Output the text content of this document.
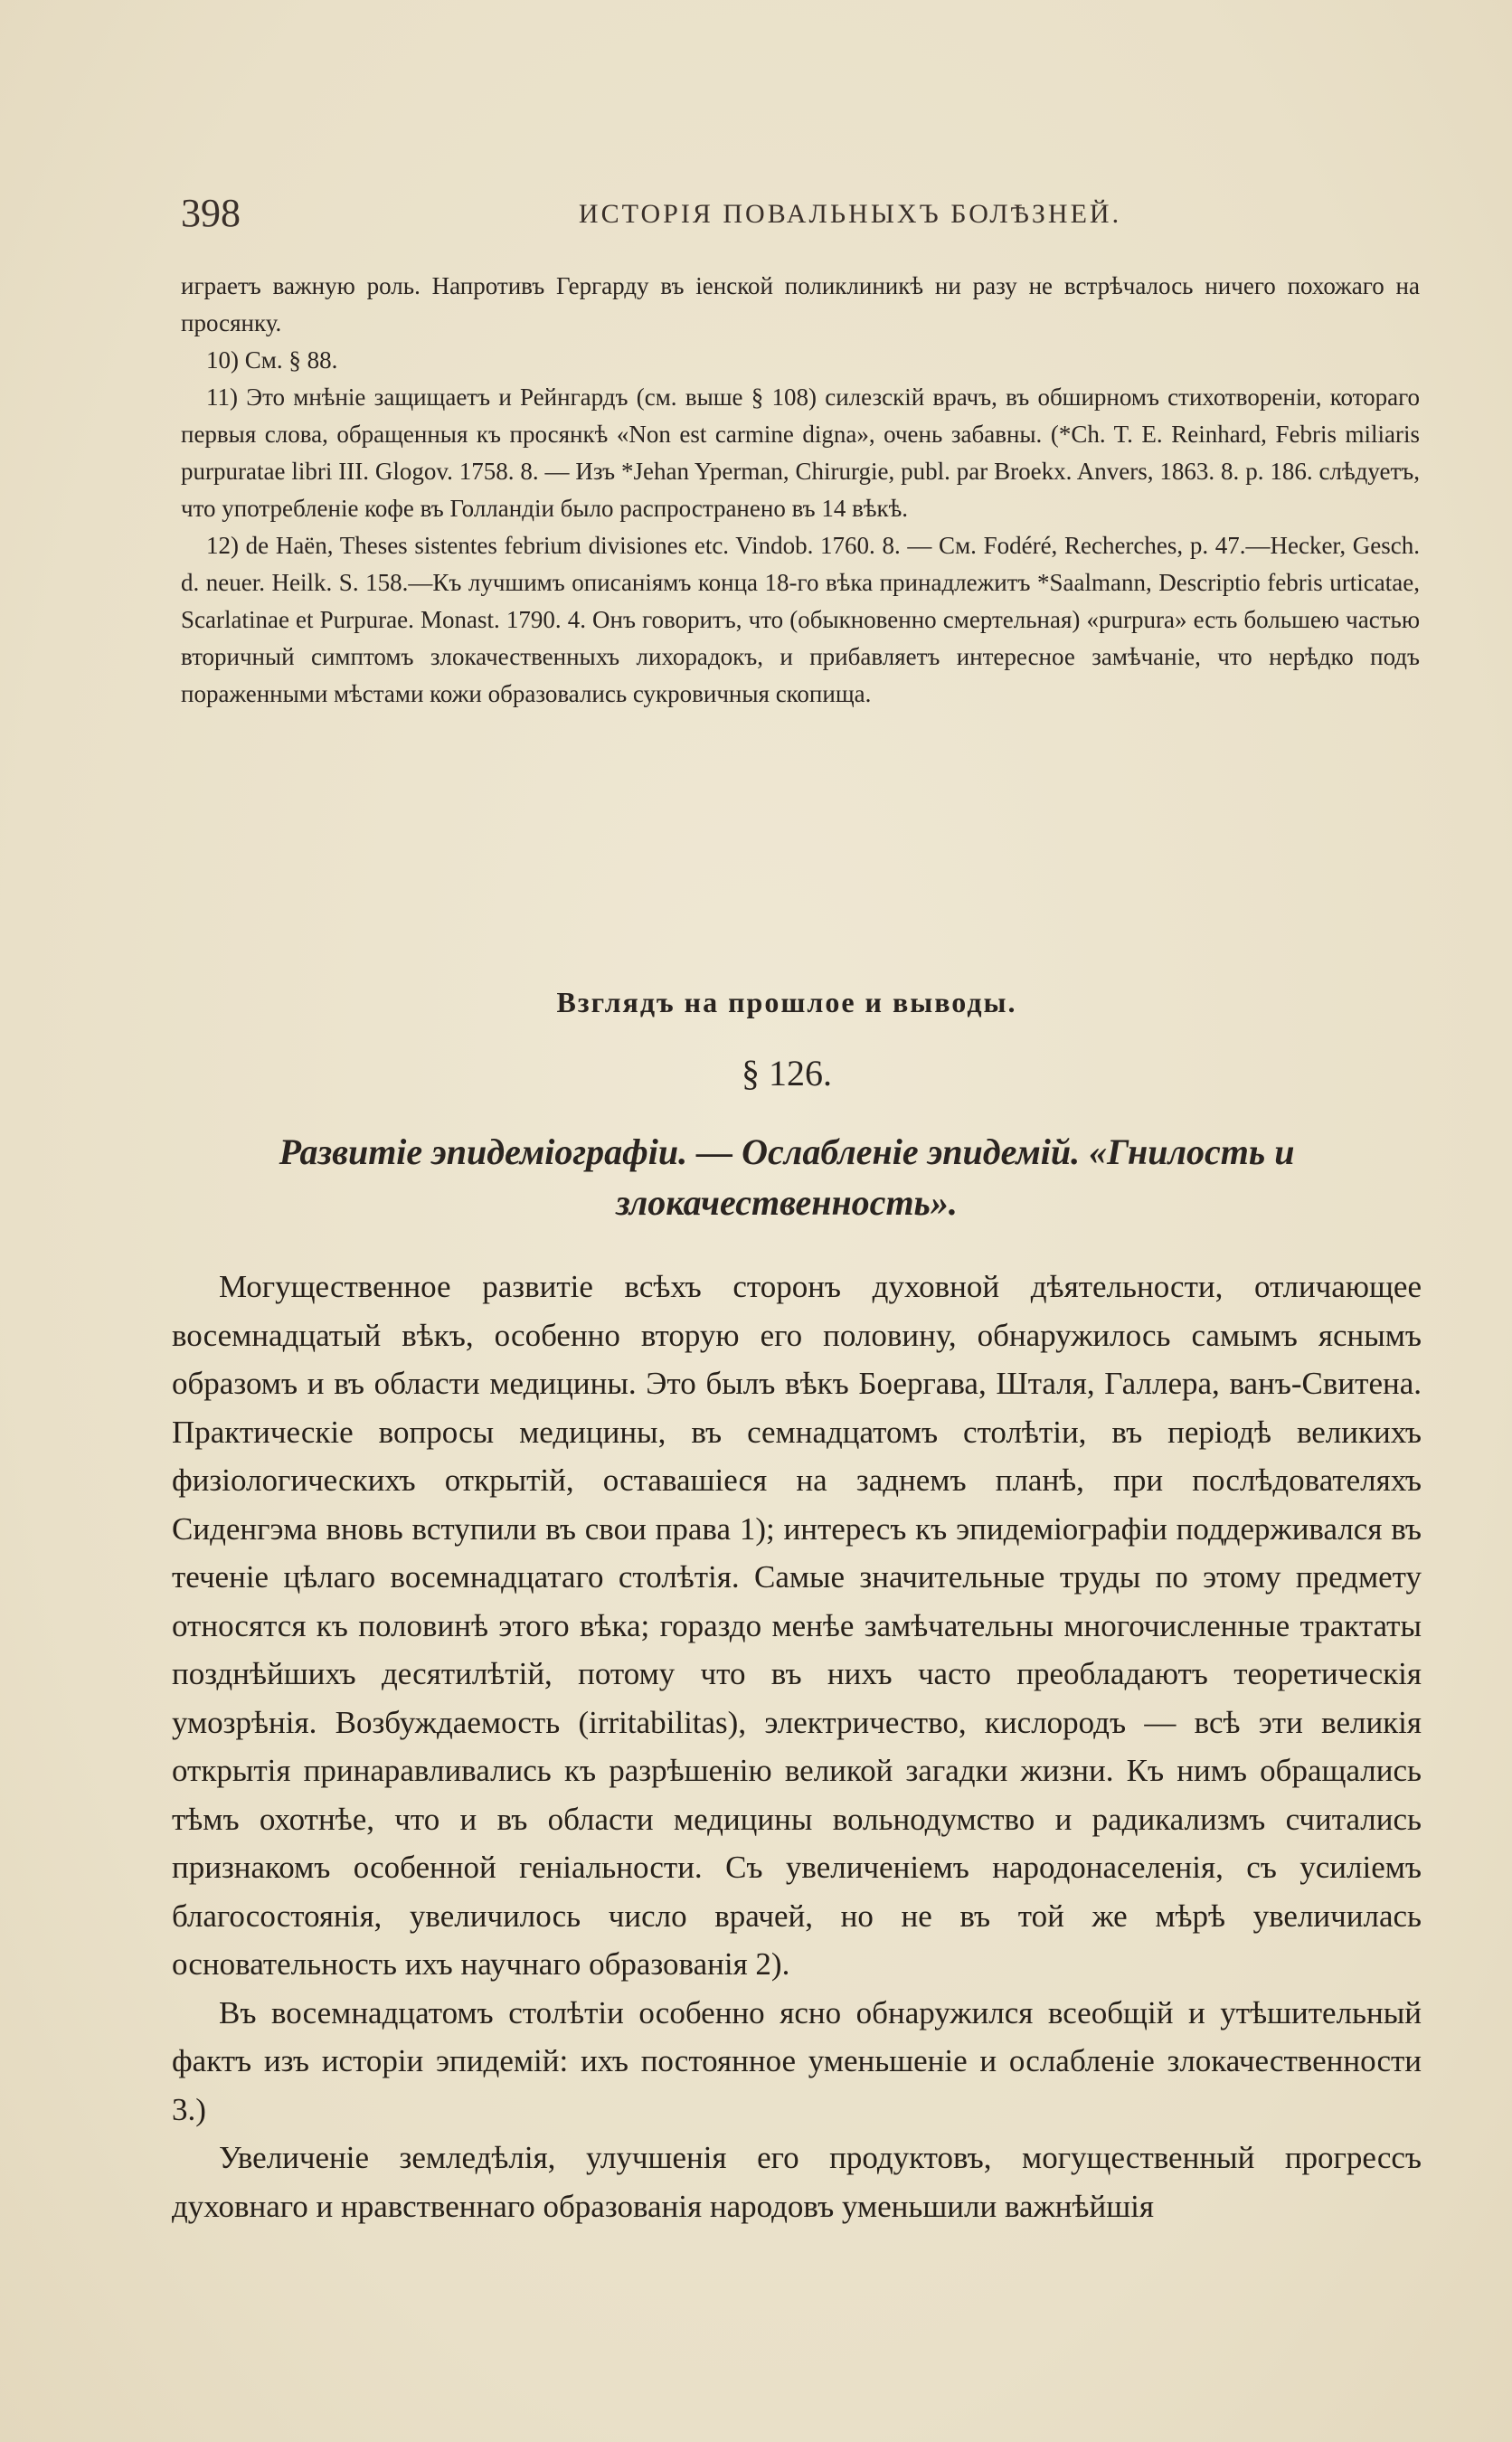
398	ИСТОРІЯ ПОВАЛЬНЫХЪ БОЛѢЗНЕЙ.

играетъ важную роль. Напротивъ Гергарду въ іенской поликлиникѣ ни разу не встрѣчалось ничего похожаго на просянку.

10) См. § 88.

11) Это мнѣніе защищаетъ и Рейнгардъ (см. выше § 108) силезскій врачъ, въ обширномъ стихотвореніи, котораго первыя слова, обращенныя къ просянкѣ «Non est carmine digna», очень забавны. (*Ch. T. E. Reinhard, Febris miliaris purpuratae libri III. Glogov. 1758. 8. — Изъ *Jehan Yperman, Chirurgie, publ. par Broekx. Anvers, 1863. 8. p. 186. слѣдуетъ, что употребленіе кофе въ Голландіи было распространено въ 14 вѣкѣ.

12) de Haën, Theses sistentes febrium divisiones etc. Vindob. 1760. 8. — См. Fodéré, Recherches, p. 47.—Hecker, Gesch. d. neuer. Heilk. S. 158.—Къ лучшимъ описаніямъ конца 18-го вѣка принадлежитъ *Saalmann, Descriptio febris urticatae, Scarlatinae et Purpurae. Monast. 1790. 4. Онъ говоритъ, что (обыкновенно смертельная) «purpura» есть большею частью вторичный симптомъ злокачественныхъ лихорадокъ, и прибавляетъ интересное замѣчаніе, что нерѣдко подъ пораженными мѣстами кожи образовались сукровичныя скопища.

Взглядъ на прошлое и выводы.

§ 126.

Развитіе эпидеміографіи. — Ослабленіе эпидемій. «Гнилость и злокачественность».

Могущественное развитіе всѣхъ сторонъ духовной дѣятельности, отличающее восемнадцатый вѣкъ, особенно вторую его половину, обнаружилось самымъ яснымъ образомъ и въ области медицины. Это былъ вѣкъ Боергава, Шталя, Галлера, ванъ-Свитена. Практическіе вопросы медицины, въ семнадцатомъ столѣтіи, въ періодѣ великихъ физіологическихъ открытій, оставашіеся на заднемъ планѣ, при послѣдователяхъ Сиденгэма вновь вступили въ свои права 1); интересъ къ эпидеміографіи поддерживался въ теченіе цѣлаго восемнадцатаго столѣтія. Самые значительные труды по этому предмету относятся къ половинѣ этого вѣка; гораздо менѣе замѣчательны многочисленные трактаты позднѣйшихъ десятилѣтій, потому что въ нихъ часто преобладаютъ теоретическія умозрѣнія. Возбуждаемость (irritabilitas), электричество, кислородъ — всѣ эти великія открытія принаравливались къ разрѣшенію великой загадки жизни. Къ нимъ обращались тѣмъ охотнѣе, что и въ области медицины вольнодумство и радикализмъ считались признакомъ особенной геніальности. Съ увеличеніемъ народонаселенія, съ усиліемъ благосостоянія, увеличилось число врачей, но не въ той же мѣрѣ увеличилась основательность ихъ научнаго образованія 2).

Въ восемнадцатомъ столѣтіи особенно ясно обнаружился всеобщій и утѣшительный фактъ изъ исторіи эпидемій: ихъ постоянное уменьшеніе и ослабленіе злокачественности 3.)

Увеличеніе земледѣлія, улучшенія его продуктовъ, могущественный прогрессъ духовнаго и нравственнаго образованія народовъ уменьшили важнѣйшія
